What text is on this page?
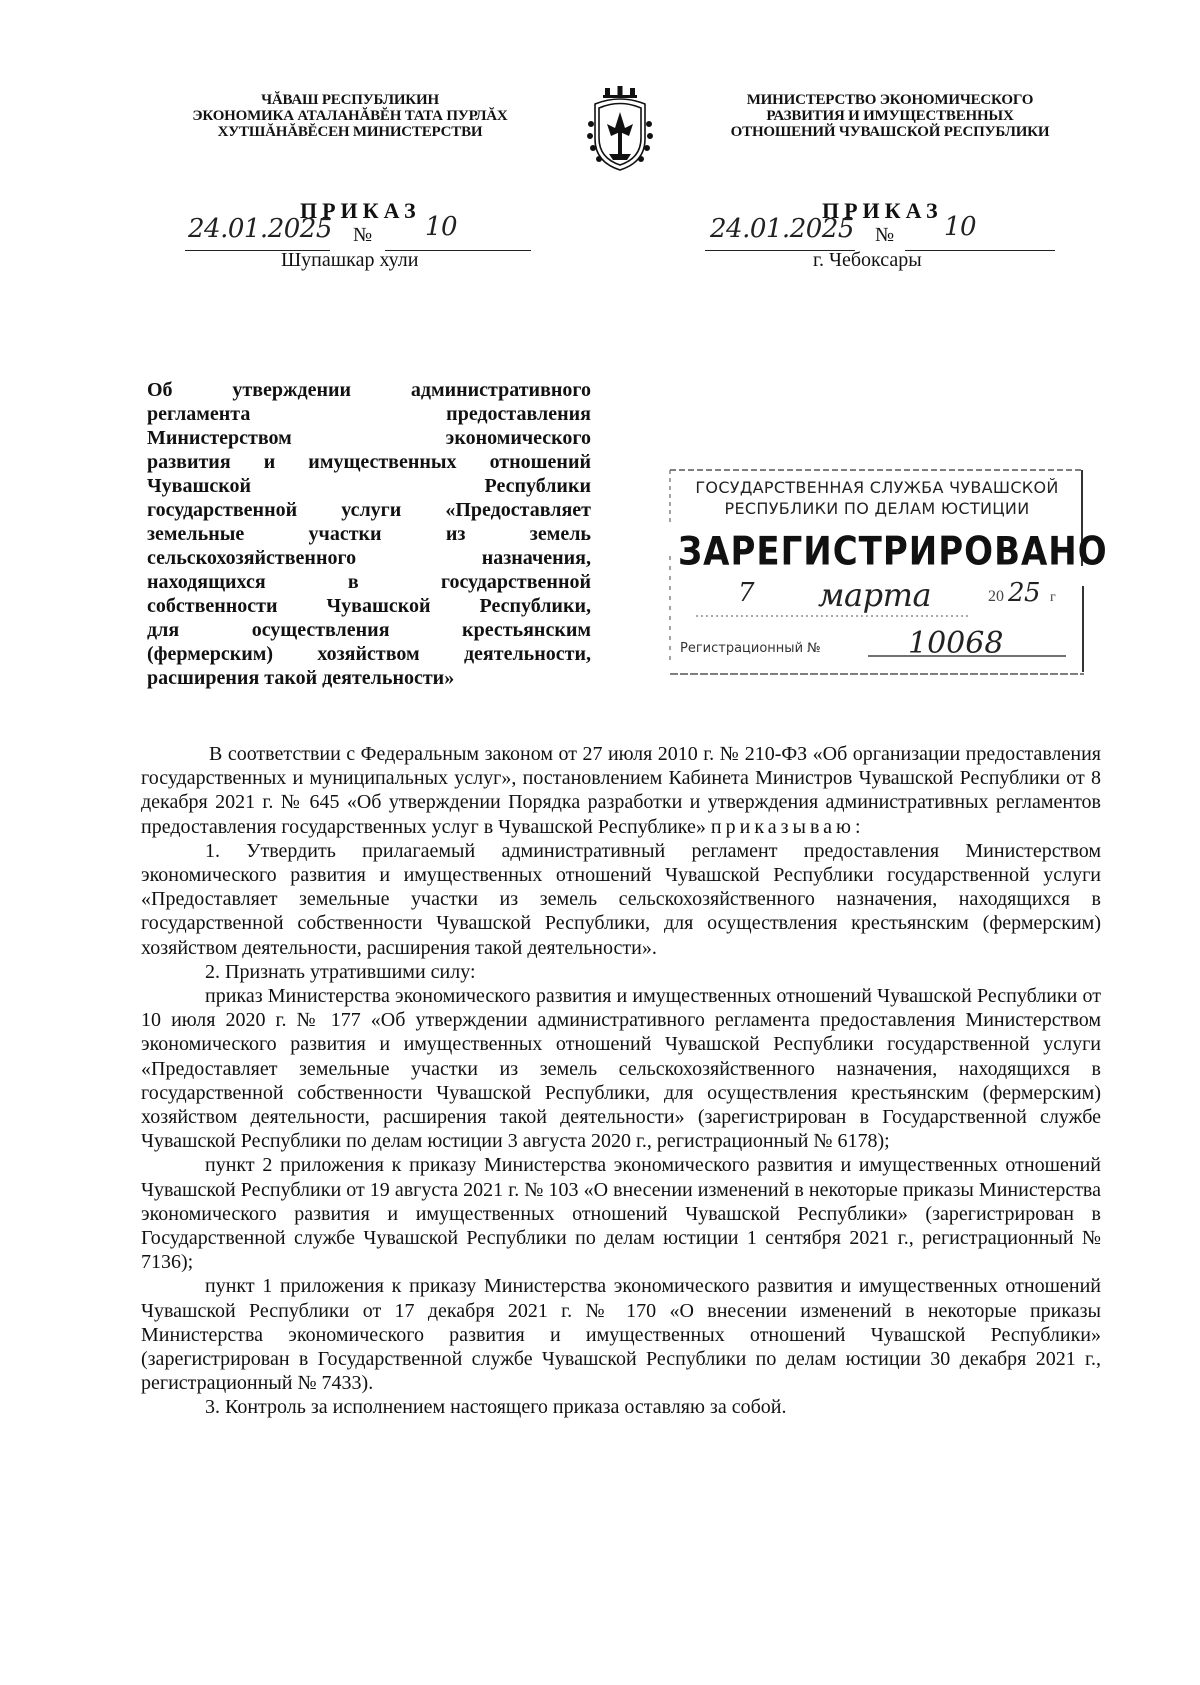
ЧĂВАШ РЕСПУБЛИКИН
ЭКОНОМИКА АТАЛАНĂВĔН ТАТА ПУРЛĂХ
ХУТШĂНĂВĔСЕН МИНИСТЕРСТВИ
МИНИСТЕРСТВО ЭКОНОМИЧЕСКОГО
РАЗВИТИЯ И ИМУЩЕСТВЕННЫХ
ОТНОШЕНИЙ ЧУВАШСКОЙ РЕСПУБЛИКИ
ПРИКАЗ
24.01.2025 № 10
Шупашкар хули
ПРИКАЗ
24.01.2025 № 10
г. Чебоксары
Об утверждении административного
регламента предоставления
Министерством экономического
развития и имущественных отношений
Чувашской Республики
государственной услуги «Предоставляет
земельные участки из земель
сельскохозяйственного назначения,
находящихся в государственной
собственности Чувашской Республики,
для осуществления крестьянским
(фермерским) хозяйством деятельности,
расширения такой деятельности»
ГОСУДАРСТВЕННАЯ СЛУЖБА ЧУВАШСКОЙ
РЕСПУБЛИКИ ПО ДЕЛАМ ЮСТИЦИИ
ЗАРЕГИСТРИРОВАНО
7 марта	20 25 г
Регистрационный №	10068

В соответствии с Федеральным законом от 27 июля 2010 г. № 210-ФЗ «Об организации предоставления государственных и муниципальных услуг», постановлением Кабинета Министров Чувашской Республики от 8 декабря 2021 г. № 645 «Об утверждении Порядка разработки и утверждения административных регламентов предоставления государственных услуг в Чувашской Республике» приказываю:

1. Утвердить прилагаемый административный регламент предоставления Министерством экономического развития и имущественных отношений Чувашской Республики государственной услуги «Предоставляет земельные участки из земель сельскохозяйственного назначения, находящихся в государственной собственности Чувашской Республики, для осуществления крестьянским (фермерским) хозяйством деятельности, расширения такой деятельности».

2. Признать утратившими силу:

приказ Министерства экономического развития и имущественных отношений Чувашской Республики от 10 июля 2020 г. № 177 «Об утверждении административного регламента предоставления Министерством экономического развития и имущественных отношений Чувашской Республики государственной услуги «Предоставляет земельные участки из земель сельскохозяйственного назначения, находящихся в государственной собственности Чувашской Республики, для осуществления крестьянским (фермерским) хозяйством деятельности, расширения такой деятельности» (зарегистрирован в Государственной службе Чувашской Республики по делам юстиции 3 августа 2020 г., регистрационный № 6178);

пункт 2 приложения к приказу Министерства экономического развития и имущественных отношений Чувашской Республики от 19 августа 2021 г. № 103 «О внесении изменений в некоторые приказы Министерства экономического развития и имущественных отношений Чувашской Республики» (зарегистрирован в Государственной службе Чувашской Республики по делам юстиции 1 сентября 2021 г., регистрационный № 7136);

пункт 1 приложения к приказу Министерства экономического развития и имущественных отношений Чувашской Республики от 17 декабря 2021 г. № 170 «О внесении изменений в некоторые приказы Министерства экономического развития и имущественных отношений Чувашской Республики» (зарегистрирован в Государственной службе Чувашской Республики по делам юстиции 30 декабря 2021 г., регистрационный № 7433).

3. Контроль за исполнением настоящего приказа оставляю за собой.
